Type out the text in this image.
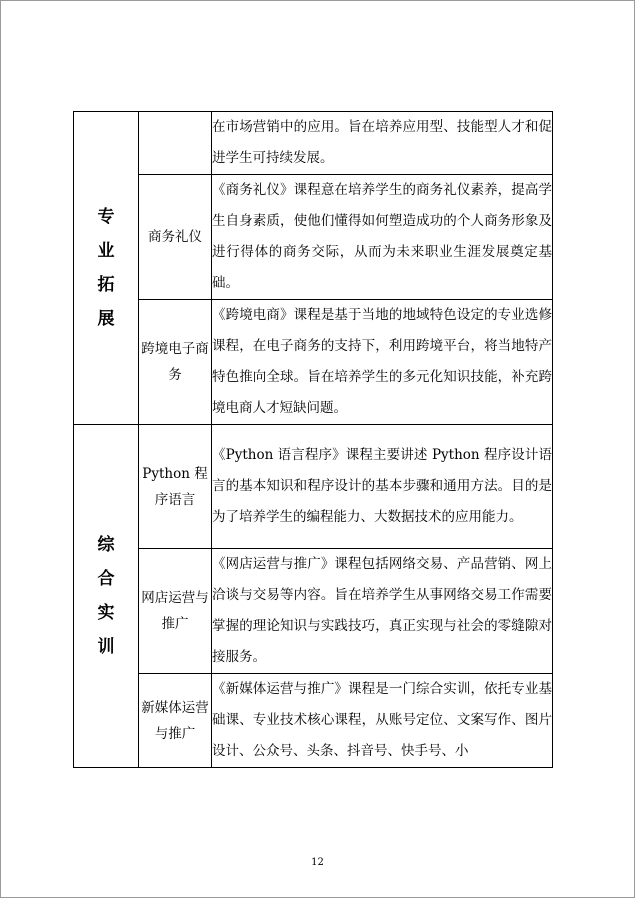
专
业
拓
展		在市场营销中的应用。旨在培养应用型、技能型人才和促进学生可持续发展。
	商务礼仪	《商务礼仪》课程意在培养学生的商务礼仪素养，提高学生自身素质，使他们懂得如何塑造成功的个人商务形象及进行得体的商务交际，从而为未来职业生涯发展奠定基础。
	跨境电子商务	《跨境电商》课程是基于当地的地域特色设定的专业选修课程，在电子商务的支持下，利用跨境平台，将当地特产特色推向全球。旨在培养学生的多元化知识技能，补充跨境电商人才短缺问题。

综
合
实
训	Python 程序语言	《Python 语言程序》课程主要讲述 Python 程序设计语言的基本知识和程序设计的基本步骤和通用方法。目的是为了培养学生的编程能力、大数据技术的应用能力。
	网店运营与推广	《网店运营与推广》课程包括网络交易、产品营销、网上洽谈与交易等内容。旨在培养学生从事网络交易工作需要掌握的理论知识与实践技巧，真正实现与社会的零缝隙对接服务。
	新媒体运营与推广	《新媒体运营与推广》课程是一门综合实训，依托专业基础课、专业技术核心课程，从账号定位、文案写作、图片设计、公众号、头条、抖音号、快手号、小
12
